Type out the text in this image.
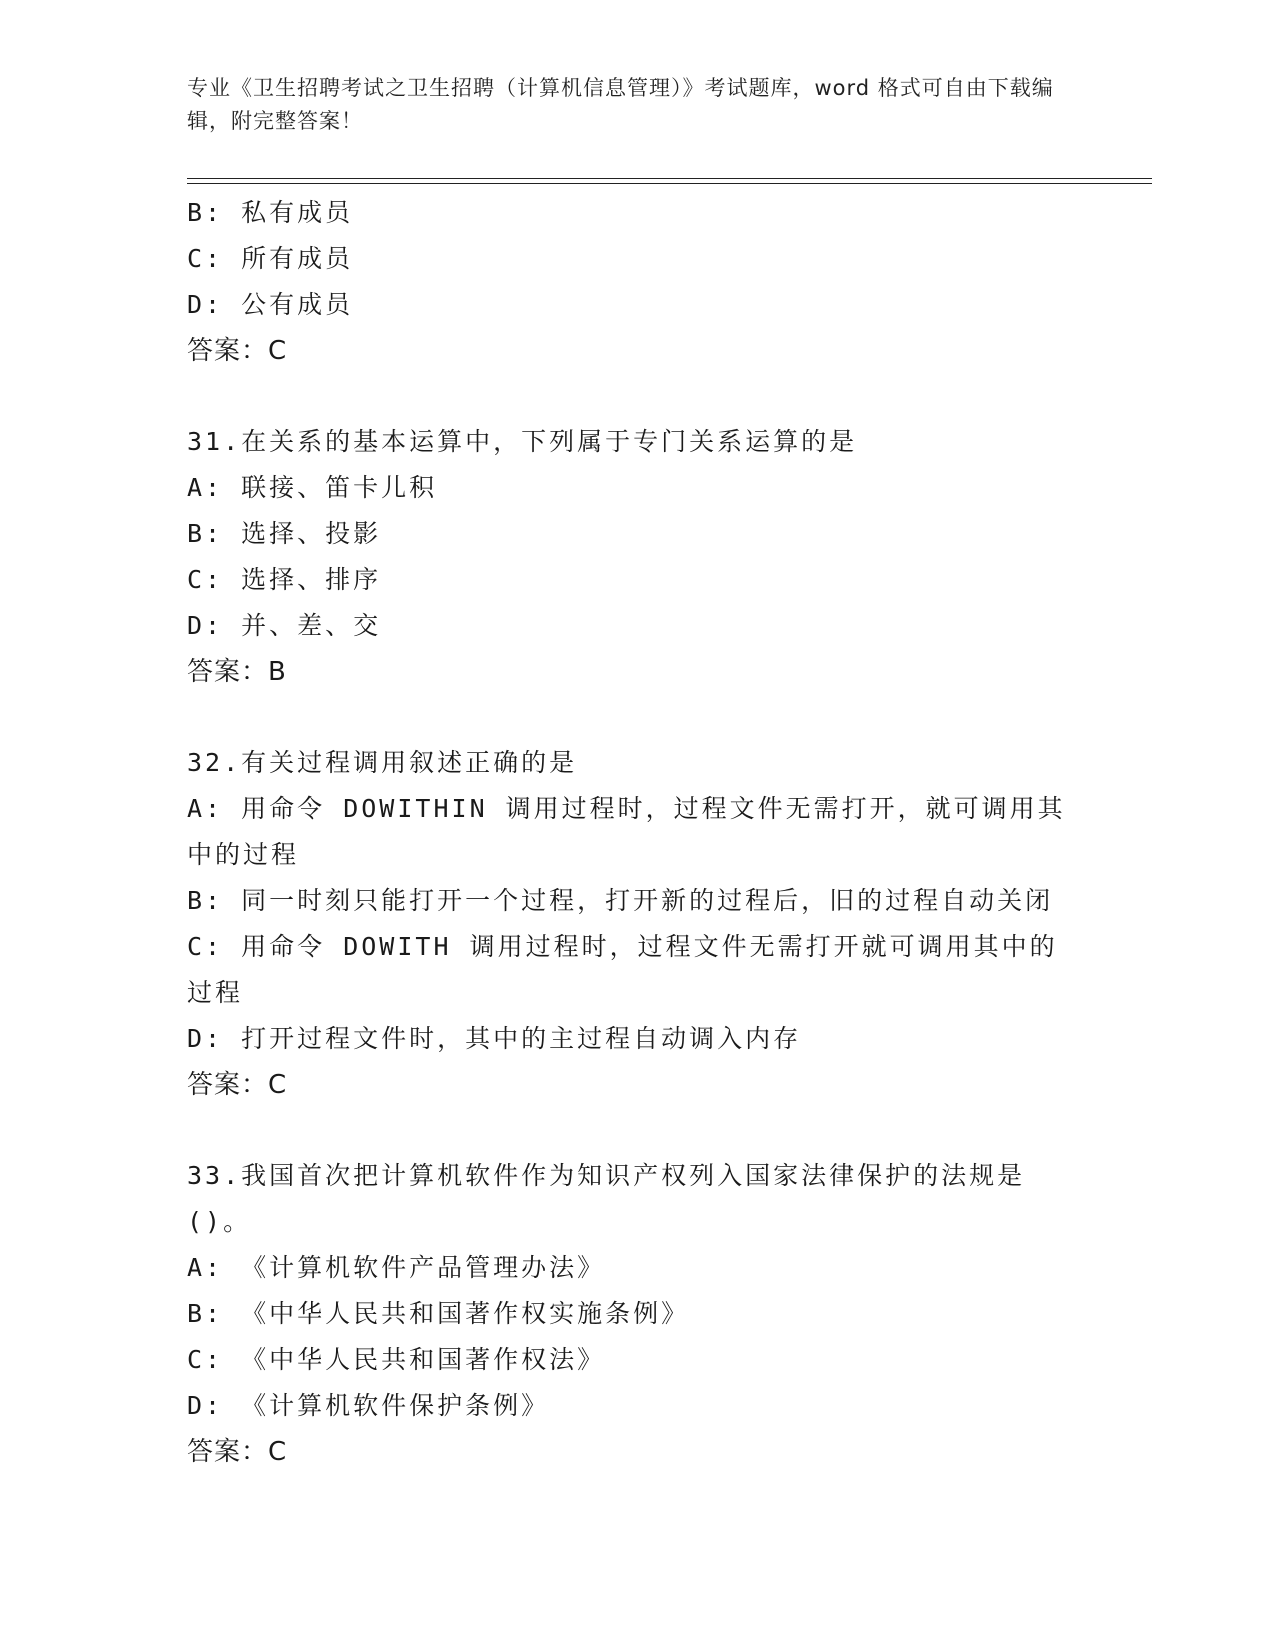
专业《卫生招聘考试之卫生招聘（计算机信息管理）》考试题库，word 格式可自由下载编辑，附完整答案！
B: 私有成员
C: 所有成员
D: 公有成员
答案：C
31.在关系的基本运算中，下列属于专门关系运算的是
A: 联接、笛卡儿积
B: 选择、投影
C: 选择、排序
D: 并、差、交
答案：B
32.有关过程调用叙述正确的是
A: 用命令 DOWITHIN 调用过程时，过程文件无需打开，就可调用其中的过程
B: 同一时刻只能打开一个过程，打开新的过程后，旧的过程自动关闭
C: 用命令 DOWITH 调用过程时，过程文件无需打开就可调用其中的过程
D: 打开过程文件时，其中的主过程自动调入内存
答案：C
33.我国首次把计算机软件作为知识产权列入国家法律保护的法规是()。
A: 《计算机软件产品管理办法》
B: 《中华人民共和国著作权实施条例》
C: 《中华人民共和国著作权法》
D: 《计算机软件保护条例》
答案：C
